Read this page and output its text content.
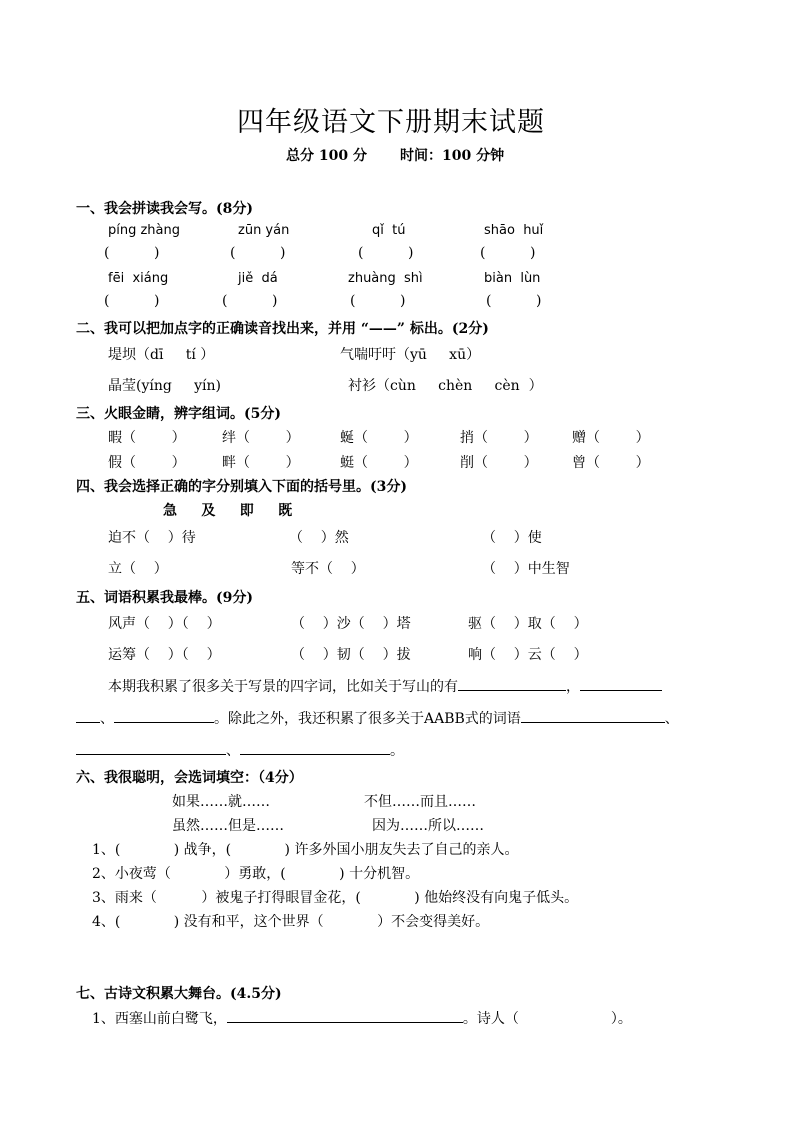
四年级语文下册期末试题
总分 100 分 时间：100 分钟
一、我会拼读我会写。(8分)
píng zhàng	zūn yán	qǐ  tú	shāo  huǐ
(          )	(          )	(          )	(          )
fēi  xiáng	jiě  dá	zhuàng  shì	biàn  lùn
(          )	(          )	(          )	(          )
二、我可以把加点字的正确读音找出来，并用 “——” 标出。(2分)
堤坝（dī     tí ）	气喘吁吁（yū     xū）
晶莹(yíng     yín)	衬衫（cùn     chèn     cèn  ）
三、火眼金睛，辨字组词。(5分)
暇（        ）	绊（        ）	蜒（        ）	捎（        ） 赠（        ）
假（        ）	畔（        ）	蜓（        ）	削（        ） 曾（        ）
四、我会选择正确的字分别填入下面的括号里。(3分)
急     及     即     既
迫不（    ）待	（    ）然	（    ）使
立（    ）	等不（    ）	（    ）中生智
五、词语积累我最棒。(9分)
风声（    ）（    ）	（    ）沙（    ）塔	驱（    ）取（    ）
运筹（    ）（    ）	（    ）韧（    ）拔	响（    ）云（    ）
本期我积累了很多关于写景的四字词，比如关于写山的有	，
、	。除此之外，我还积累了很多关于AABB式的词语	、
、	。
六、我很聪明，会选词填空：（4分）
如果……就……	不但……而且……
虽然……但是……	因为……所以……
1、(            ) 战争，(            ) 许多外国小朋友失去了自己的亲人。
2、小夜莺（            ）勇敢，(            ) 十分机智。
3、雨来（          ）被鬼子打得眼冒金花，(            ) 他始终没有向鬼子低头。
4、(            ) 没有和平，这个世界（            ）不会变得美好。
七、古诗文积累大舞台。(4.5分)
1、西塞山前白鹭飞，	。诗人（	）。
